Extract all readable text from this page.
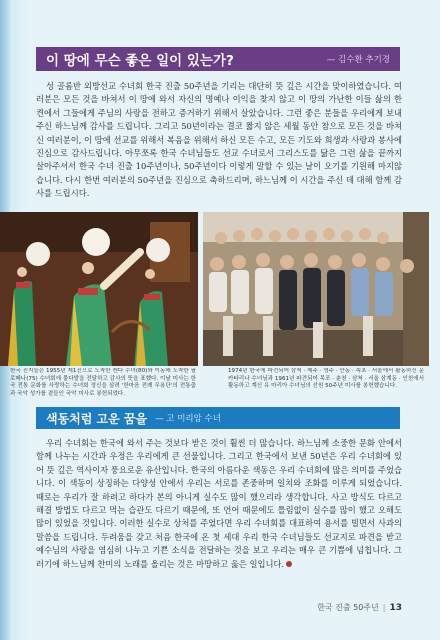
이 땅에 무슨 좋은 일이 있는가?	— 김수환 추기경

성 골롬반 외방선교 수녀회 한국 진출 50주년을 기리는 대단히 뜻 깊은 시간을 맞이하였습니다. 여러분은 모든 것을 바쳐서 이 땅에 와서 자신의 명예나 이익을 찾지 않고 이 땅의 가난한 이들 삶의 한 켠에서 그들에게 주님의 사랑을 전하고 증거하기 위해서 살았습니다. 그런 좋은 분들을 우리에게 보내주신 하느님께 감사를 드립니다. 그리고 50년이라는 결코 짧지 않은 세월 동안 참으로 모든 것을 바쳐신 여러분이, 이 땅에 선교를 위해서 복음을 위해서 하신 모든 수고, 모든 기도와 희생과 사랑과 봉사에 진심으로 감사드립니다. 아무쪼록 한국 수녀님들도 선교 수녀로서 그리스도를 닮은 그런 삶을 끝까지 살아주셔서 한국 수녀 진출 10주년이나, 50주년이다 이렇게 말할 수 있는 날이 오기를 기원해 마지않습니다. 다시 한번 여러분의 50주년을 진심으로 축하드리며, 하느님께 이 시간을 주신 데 대해 함께 감사를 드립시다.

한국 진지들은 1955년 제1진으로 도착한 켄다 수녀(80)와 이동해 도착한 필로메나(75) 수녀회에 물다발을 전달하고 감사의 뜻을 표했다. 이날 미사는 한국 전통 문화를 사랑하는 수녀회 정신을 살려 '한마음 전례 무용단'의 전통춤과 국악 성가를 곁들인 국악 미사로 봉헌되었다.

1974년 한국에 파견되어 삼척 · 제주 · 영주 · 안동 · 속초 · 서울에서 활동하신 문 카타리나 수녀님과 1961년 파견되어 목포 · 춘천 · 삼척 · 서울 삼계동 · 인천에서 활동하고 계신 유 마리아 수녀님의 선원 50주년 미사를 봉헌했습니다.

색동처럼 고운 꿈을 — 고 미리암 수녀

우리 수녀회는 한국에 와서 주는 것보다 받은 것이 훨씬 더 많습니다. 하느님께 소중한 문화 안에서 함께 나누는 시간과 우정은 우리에게 큰 선물입니다. 그리고 한국에서 보낸 50년은 우리 수녀회에 있어 뜻 깊은 역사이자 풍요로운 유산입니다. 한국의 아름다운 색동은 우리 수녀회에 많은 의미를 주었습니다. 이 색동이 상징하는 다양성 안에서 우리는 서로를 존중하며 일치와 조화를 이루게 되었습니다. 때로는 우리가 잘 하려고 하다가 본의 아니게 실수도 많이 했으리라 생각합니다. 사고 방식도 다르고 해결 방법도 다르고 먹는 습관도 다르기 때문에, 또 언어 때문에도 틀림없이 실수를 많이 했고 오해도 많이 있었을 것입니다. 이러한 실수로 상처를 주었다면 우리 수녀회를 대표하여 용서를 빌면서 사과의 말씀을 드립니다. 두려움을 갖고 처음 한국에 온 첫 세대 우리 한국 수녀님들도 선교지로 파견을 받고 예수님의 사랑을 염심히 나누고 기쁜 소식을 전달하는 것을 보고 우리는 매우 큰 기쁨에 넘칩니다. 그러기에 하느님께 찬미의 노래를 올리는 것은 마땅하고 옳은 일입니다.

한국 진출 50주년 | 13
